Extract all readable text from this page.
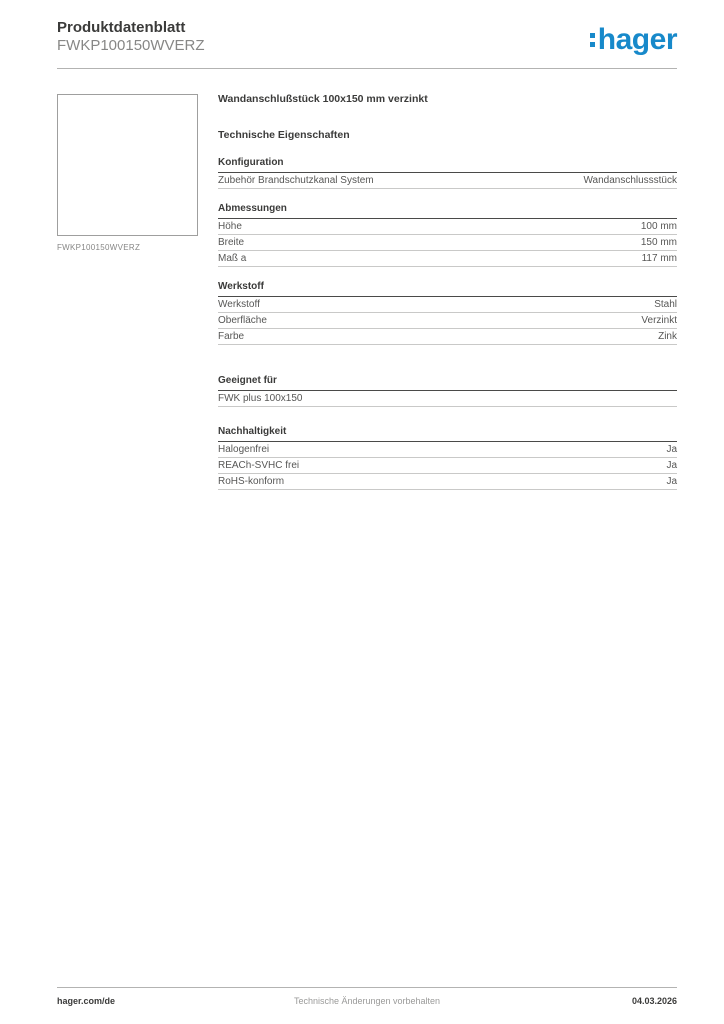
Produktdatenblatt
FWKP100150WVERZ	hager
FWKP100150WVERZ

Wandanschlußstück 100x150 mm verzinkt

Technische Eigenschaften

Konfiguration
Zubehör Brandschutzkanal System	Wandanschlussstück
Abmessungen
Höhe	100 mm
Breite	150 mm
Maß a	117 mm
Werkstoff
Werkstoff	Stahl
Oberfläche	Verzinkt
Farbe	Zink
Geeignet für
FWK plus 100x150
Nachhaltigkeit
Halogenfrei	Ja
REACh-SVHC frei	Ja
RoHS-konform	Ja
hager.com/de	Technische Änderungen vorbehalten	04.03.2026
